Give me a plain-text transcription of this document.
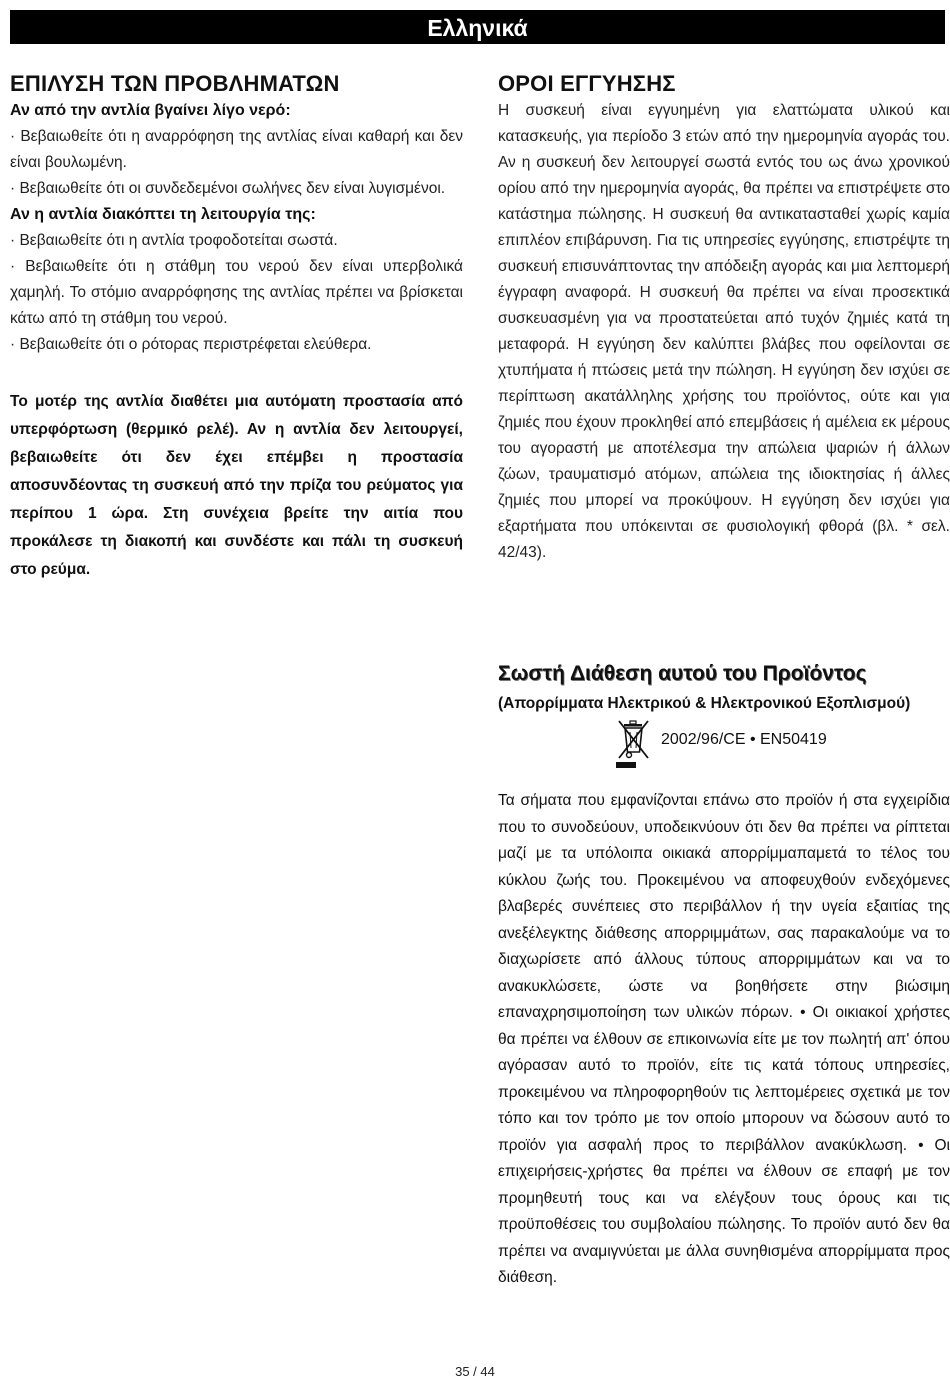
Ελληνικά
ΕΠΙΛΥΣΗ ΤΩΝ ΠΡΟΒΛΗΜΑΤΩΝ

Αν από την αντλία βγαίνει λίγο νερό:

· Βεβαιωθείτε ότι η αναρρόφηση της αντλίας είναι καθαρή και δεν είναι βουλωμένη.

· Βεβαιωθείτε ότι οι συνδεδεμένοι σωλήνες δεν είναι λυγισμένοι.

Αν η αντλία διακόπτει τη λειτουργία της:

· Βεβαιωθείτε ότι η αντλία τροφοδοτείται σωστά.

· Βεβαιωθείτε ότι η στάθμη του νερού δεν είναι υπερβολικά χαμηλή. Το στόμιο αναρρόφησης της αντλίας πρέπει να βρίσκεται κάτω από τη στάθμη του νερού.

· Βεβαιωθείτε ότι ο ρότορας περιστρέφεται ελεύθερα.

Το μοτέρ της αντλία διαθέτει μια αυτόματη προστασία από υπερφόρτωση (θερμικό ρελέ). Αν η αντλία δεν λειτουργεί, βεβαιωθείτε ότι δεν έχει επέμβει η προστασία αποσυνδέοντας τη συσκευή από την πρίζα του ρεύματος για περίπου 1 ώρα. Στη συνέχεια βρείτε την αιτία που προκάλεσε τη διακοπή και συνδέστε και πάλι τη συσκευή στο ρεύμα.

ΟΡΟΙ ΕΓΓΥΗΣΗΣ

Η συσκευή είναι εγγυημένη για ελαττώματα υλικού και κατασκευής, για περίοδο 3 ετών από την ημερομηνία αγοράς του. Αν η συσκευή δεν λειτουργεί σωστά εντός του ως άνω χρονικού ορίου από την ημερομηνία αγοράς, θα πρέπει να επιστρέψετε στο κατάστημα πώλησης. Η συσκευή θα αντικατασταθεί χωρίς καμία επιπλέον επιβάρυνση. Για τις υπηρεσίες εγγύησης, επιστρέψτε τη συσκευή επισυνάπτοντας την απόδειξη αγοράς και μια λεπτομερή έγγραφη αναφορά. Η συσκευή θα πρέπει να είναι προσεκτικά συσκευασμένη για να προστατεύεται από τυχόν ζημιές κατά τη μεταφορά. Η εγγύηση δεν καλύπτει βλάβες που οφείλονται σε χτυπήματα ή πτώσεις μετά την πώληση. Η εγγύηση δεν ισχύει σε περίπτωση ακατάλληλης χρήσης του προϊόντος, ούτε και για ζημιές που έχουν προκληθεί από επεμβάσεις ή αμέλεια εκ μέρους του αγοραστή με αποτέλεσμα την απώλεια ψαριών ή άλλων ζώων, τραυματισμό ατόμων, απώλεια της ιδιοκτησίας ή άλλες ζημιές που μπορεί να προκύψουν. Η εγγύηση δεν ισχύει για εξαρτήματα που υπόκεινται σε φυσιολογική φθορά (βλ. * σελ. 42/43).

Σωστή Διάθεση αυτού του Προϊόντος
(Απορρίμματα Ηλεκτρικού & Ηλεκτρονικού Εξοπλισμού)
2002/96/CE • EN50419

Τα σήματα που εμφανίζονται επάνω στο προϊόν ή στα εγχειρίδια που το συνοδεύουν, υποδεικνύουν ότι δεν θα πρέπει να ρίπτεται μαζί με τα υπόλοιπα οικιακά απορρίμμαπαμετά το τέλος του κύκλου ζωής του. Προκειμένου να αποφευχθούν ενδεχόμενες βλαβερές συνέπειες στο περιβάλλον ή την υγεία εξαιτίας της ανεξέλεγκτης διάθεσης απορριμμάτων, σας παρακαλούμε να το διαχωρίσετε από άλλους τύπους απορριμμάτων και να το ανακυκλώσετε, ώστε να βοηθήσετε στην βιώσιμη επαναχρησιμοποίηση των υλικών πόρων. • Οι οικιακοί χρήστες θα πρέπει να έλθουν σε επικοινωνία είτε με τον πωλητή απ' όπου αγόρασαν αυτό το προϊόν, είτε τις κατά τόπους υπηρεσίες, προκειμένου να πληροφορηθούν τις λεπτομέρειες σχετικά με τον τόπο και τον τρόπο με τον οποίο μπορουν να δώσουν αυτό το προϊόν για ασφαλή προς το περιβάλλον ανακύκλωση. • Οι επιχειρήσεις-χρήστες θα πρέπει να έλθουν σε επαφή με τον προμηθευτή τους και να ελέγξουν τους όρους και τις προϋποθέσεις του συμβολαίου πώλησης. Το προϊόν αυτό δεν θα πρέπει να αναμιγνύεται με άλλα συνηθισμένα απορρίμματα προς διάθεση.

35 / 44
